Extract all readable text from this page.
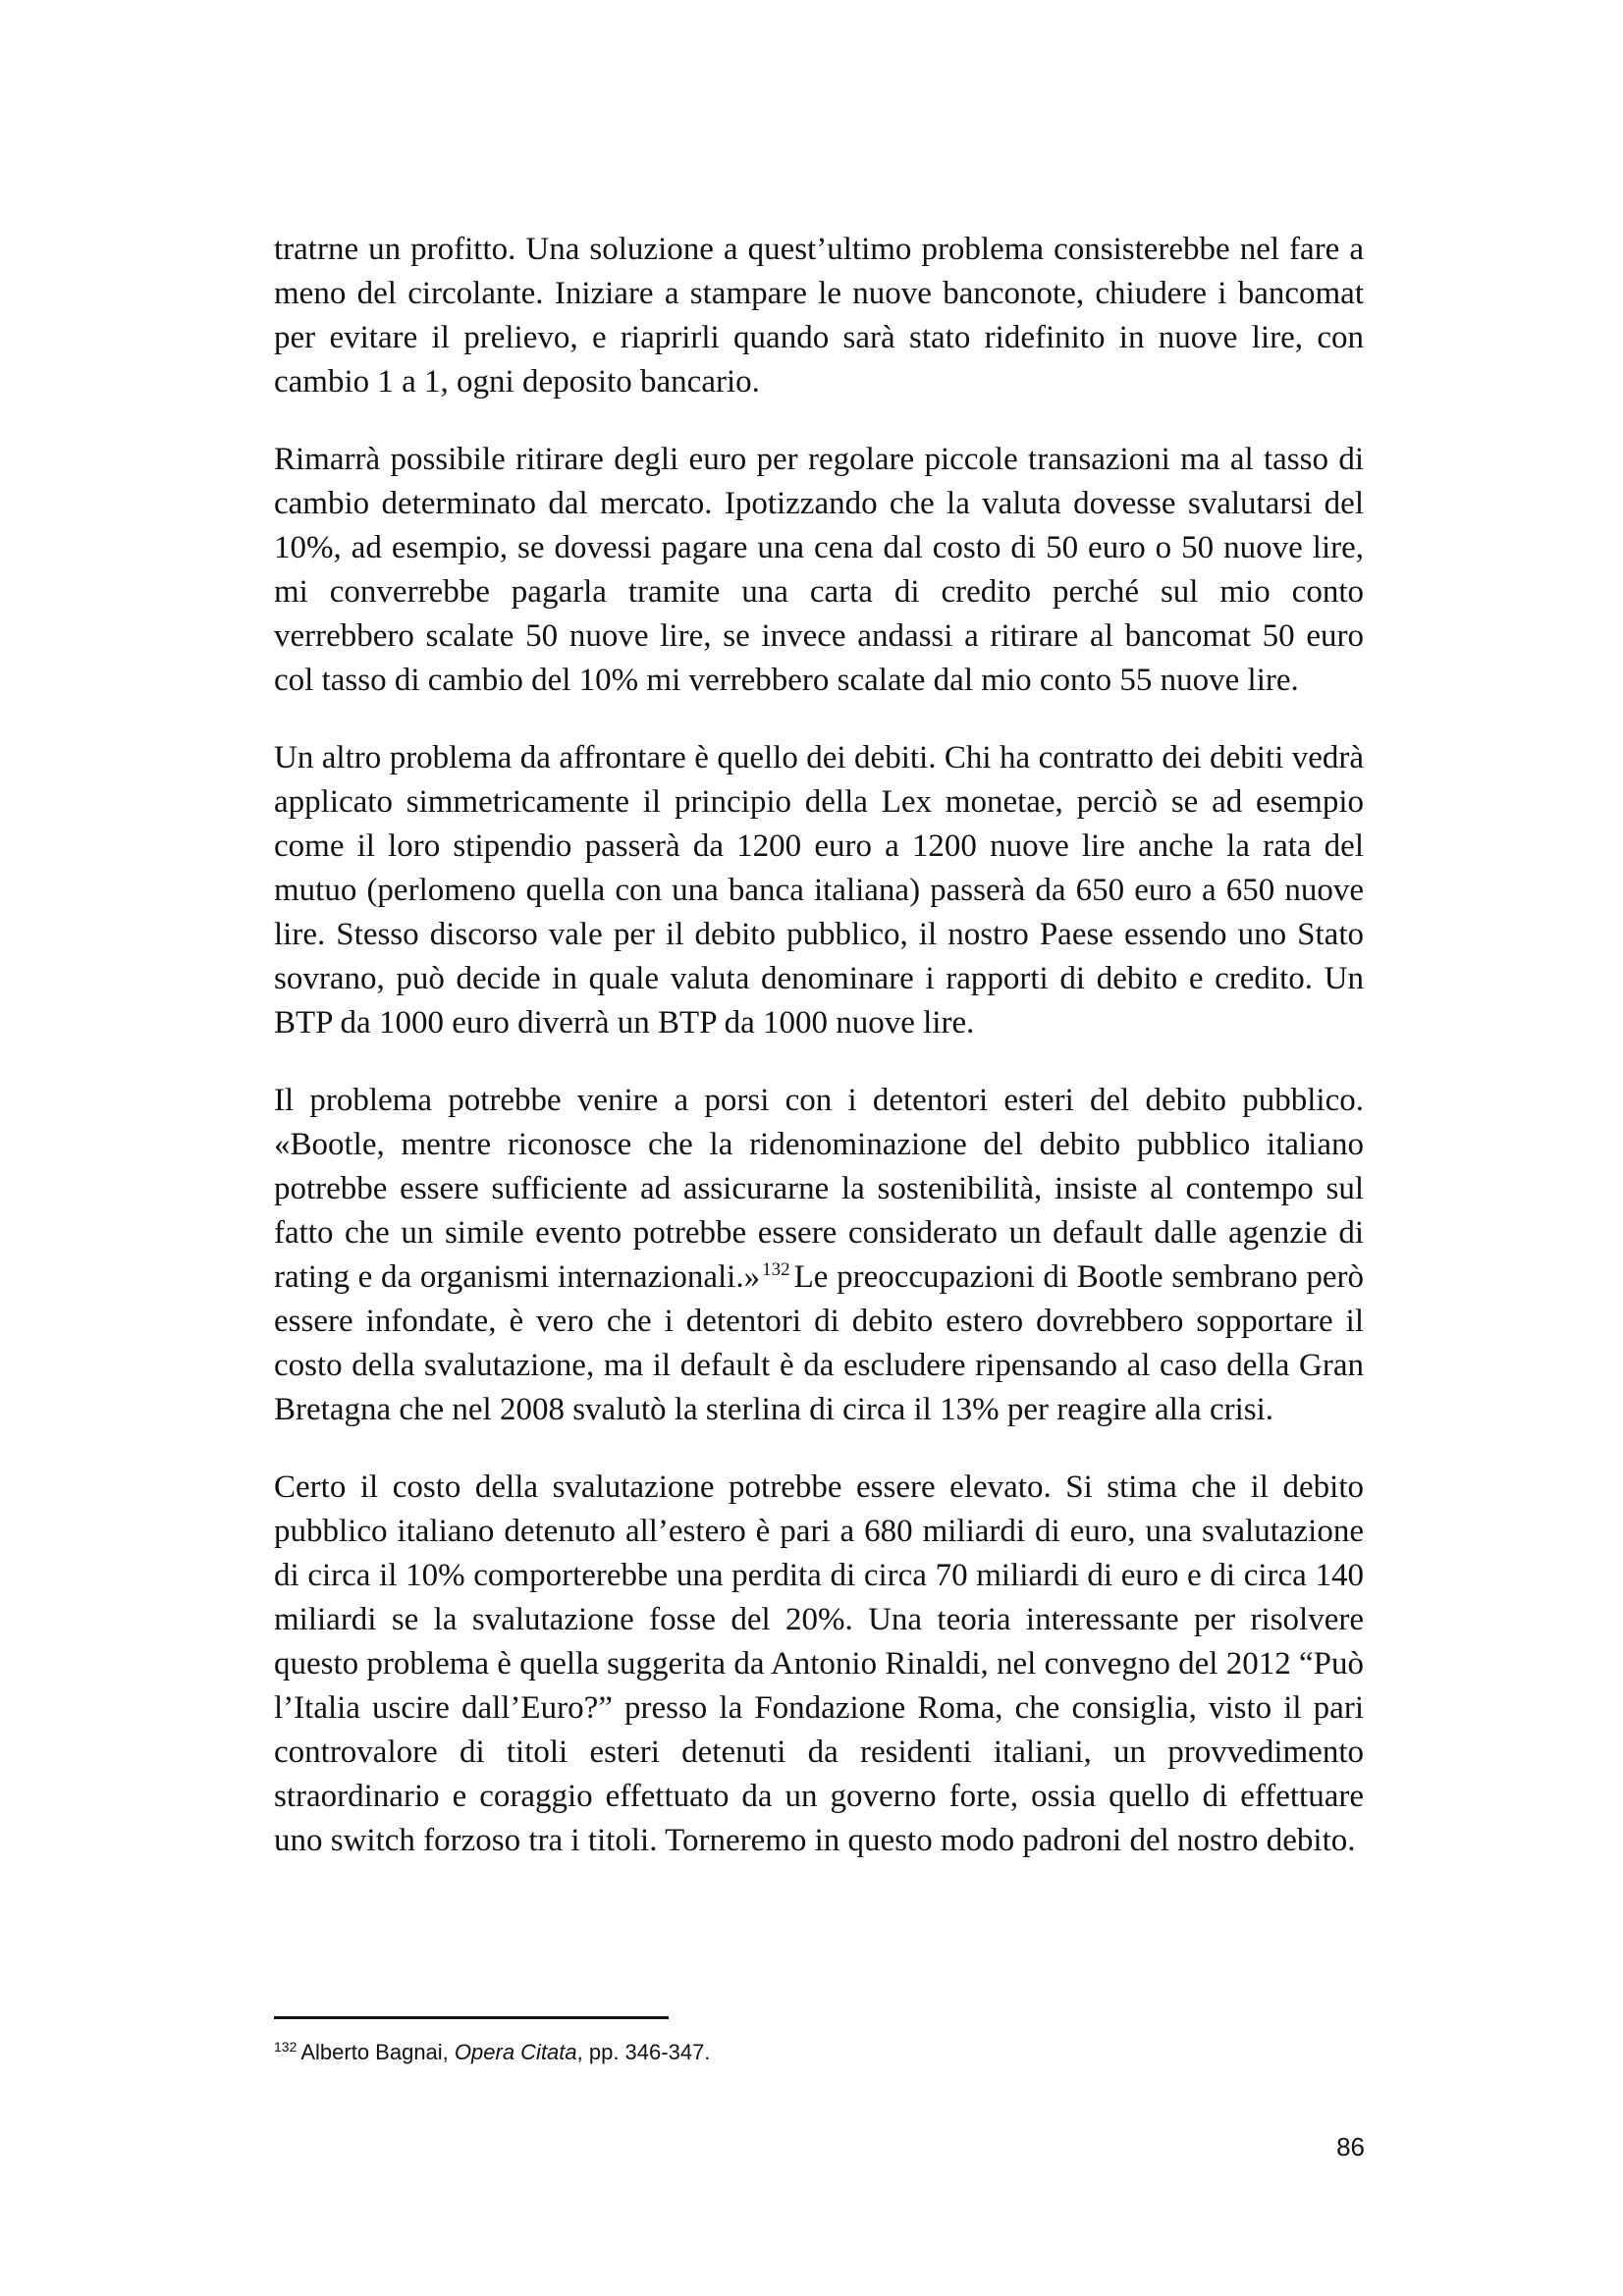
tratrne un profitto. Una soluzione a quest’ultimo problema consisterebbe nel fare a meno del circolante. Iniziare a stampare le nuove banconote, chiudere i bancomat per evitare il prelievo, e riaprirli quando sarà stato ridefinito in nuove lire, con cambio 1 a 1, ogni deposito bancario.

Rimarrà possibile ritirare degli euro per regolare piccole transazioni ma al tasso di cambio determinato dal mercato. Ipotizzando che la valuta dovesse svalutarsi del 10%, ad esempio, se dovessi pagare una cena dal costo di 50 euro o 50 nuove lire, mi converrebbe pagarla tramite una carta di credito perché sul mio conto verrebbero scalate 50 nuove lire, se invece andassi a ritirare al bancomat 50 euro col tasso di cambio del 10% mi verrebbero scalate dal mio conto 55 nuove lire.

Un altro problema da affrontare è quello dei debiti. Chi ha contratto dei debiti vedrà applicato simmetricamente il principio della Lex monetae, perciò se ad esempio come il loro stipendio passerà da 1200 euro a 1200 nuove lire anche la rata del mutuo (perlomeno quella con una banca italiana) passerà da 650 euro a 650 nuove lire. Stesso discorso vale per il debito pubblico, il nostro Paese essendo uno Stato sovrano, può decide in quale valuta denominare i rapporti di debito e credito. Un BTP da 1000 euro diverrà un BTP da 1000 nuove lire.

Il problema potrebbe venire a porsi con i detentori esteri del debito pubblico. «Bootle, mentre riconosce che la ridenominazione del debito pubblico italiano potrebbe essere sufficiente ad assicurarne la sostenibilità, insiste al contempo sul fatto che un simile evento potrebbe essere considerato un default dalle agenzie di rating e da organismi internazionali.» $^{132}$ Le preoccupazioni di Bootle sembrano però essere infondate, è vero che i detentori di debito estero dovrebbero sopportare il costo della svalutazione, ma il default è da escludere ripensando al caso della Gran Bretagna che nel 2008 svalutò la sterlina di circa il 13% per reagire alla crisi.

Certo il costo della svalutazione potrebbe essere elevato. Si stima che il debito pubblico italiano detenuto all’estero è pari a 680 miliardi di euro, una svalutazione di circa il 10% comporterebbe una perdita di circa 70 miliardi di euro e di circa 140 miliardi se la svalutazione fosse del 20%. Una teoria interessante per risolvere questo problema è quella suggerita da Antonio Rinaldi, nel convegno del 2012 “Può l’Italia uscire dall’Euro?” presso la Fondazione Roma, che consiglia, visto il pari controvalore di titoli esteri detenuti da residenti italiani, un provvedimento straordinario e coraggio effettuato da un governo forte, ossia quello di effettuare uno switch forzoso tra i titoli. Torneremo in questo modo padroni del nostro debito.

$^{132}$ Alberto Bagnai, Opera Citata, pp. 346-347.
86
